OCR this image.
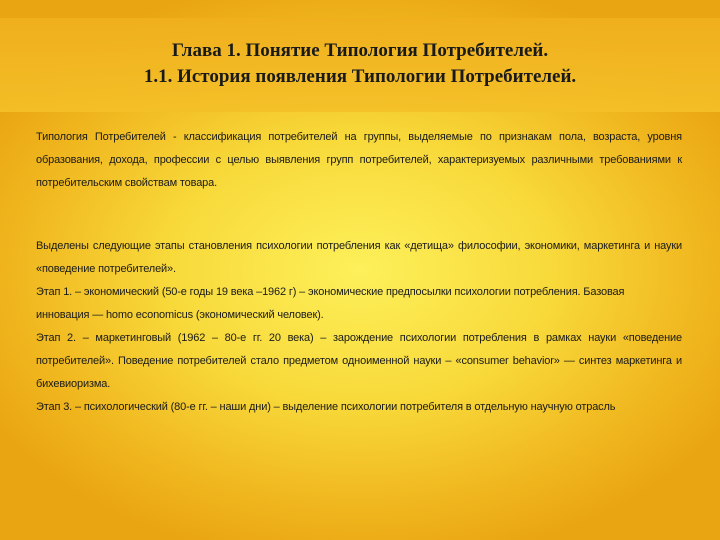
Глава 1. Понятие Типология Потребителей.
1.1. История появления Типологии Потребителей.

Типология Потребителей - классификация потребителей на группы, выделяемые по признакам пола, возраста, уровня образования, дохода, профессии с целью выявления групп потребителей, характеризуемых различными требованиями к потребительским свойствам товара.

Выделены следующие этапы становления психологии потребления как «детища» философии, экономики, маркетинга и науки «поведение потребителей».

Этап 1. – экономический (50-е годы 19 века –1962 г) – экономические предпосылки психологии потребления. Базовая
инновация — homo economicus (экономический человек).

Этап 2. – маркетинговый (1962 – 80-е гг. 20 века) – зарождение психологии потребления в рамках науки «поведение потребителей». Поведение потребителей стало предметом одноименной науки – «consumer behavior» — синтез маркетинга и бихевиоризма.

Этап 3. – психологический (80-е гг. – наши дни) – выделение психологии потребителя в отдельную научную отрасль
